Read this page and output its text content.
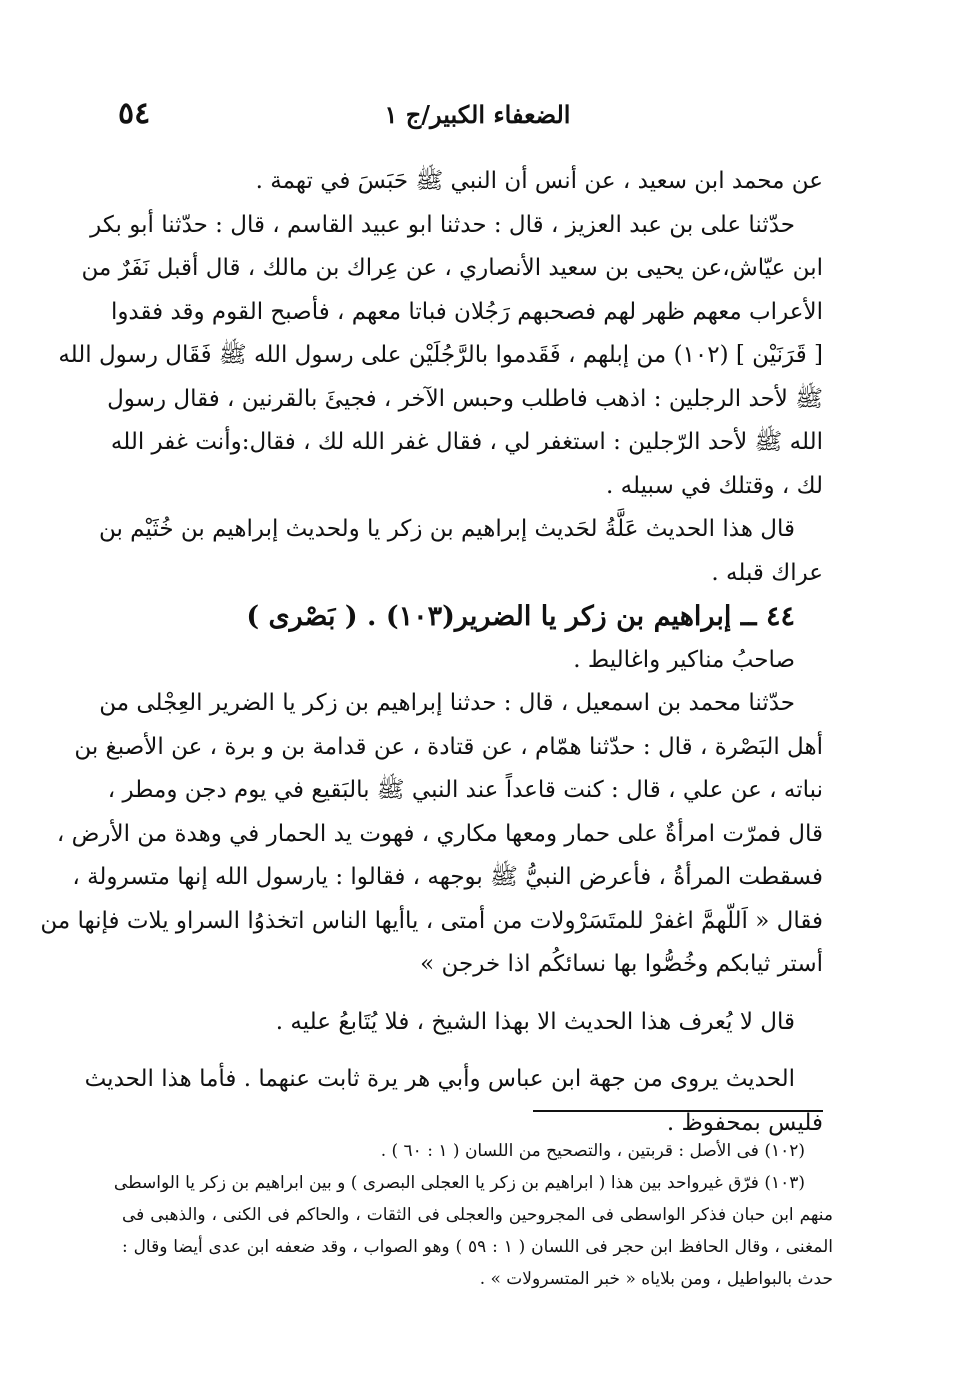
٥٤	الضعفاء الكبير/ج ١
عن محمد ابن سعيد ، عن أنس أن النبي ﷺ حَبَسَ في تهمة .
حدّثنا على بن عبد العزيز ، قال : حدثنا ابو عبيد القاسم ، قال : حدّثنا أبو بكر
ابن عيّاش،عن يحيى بن سعيد الأنصاري ، عن عِراك بن مالك ، قال أقبل نَفَرٌ من
الأعراب معهم ظهر لهم فصحبهم رَجُلان فباتا معهم ، فأصبح القوم وقد فقدوا
[ قَرَنَيْن ] (١٠٢) من إبلهم ، فَقَدموا بالرَّجُلَيْن على رسول الله ﷺ فَقَال رسول الله
ﷺ لأحد الرجلين : اذهب فاطلب وحبس الآخر ، فجيئَ بالقرنين ، فقال رسول
الله ﷺ لأحد الرّجلين : استغفر لي ، فقال غفر الله لك ، فقال:وأنت غفر الله
لك ، وقتلك في سبيله .
قال هذا الحديث عَلَّةُ لحَديث إبراهيم بن زكر يا ولحديث إبراهيم بن خُثَيْم بن
عراك قبله .
٤٤ ــ إبراهيم بن زكر يا الضرير(١٠٣) . ( بَصْرى )
صاحبُ مناكير واغاليط .
حدّثنا محمد بن اسمعيل ، قال : حدثنا إبراهيم بن زكر يا الضرير العِجْلى من
أهل البَصْرة ، قال : حدّثنا همّام ، عن قتادة ، عن قدامة بن و برة ، عن الأصبغ بن
نباته ، عن علي ، قال : كنت قاعداً عند النبي ﷺ بالبَقيع في يوم دجن ومطر ،
قال فمرّت امرأةٌ على حمار ومعها مكاري ، فهوت يد الحمار في وهدة من الأرض ،
فسقطت المرأةُ ، فأعرض النبيُّ ﷺ بوجهه ، فقالوا : يارسول الله إنها متسرولة ،
فقال « اَللّهمَّ اغفرْ للمتَسَرْولات من أمتى ، ياأيها الناس اتخذوُا السراو يلات فإنها من
أستر ثيابكم وخُصُّوا بها نسائكُم اذا خرجن »
قال لا يُعرف هذا الحديث الا بهذا الشيخ ، فلا يُتَابعُ عليه .
الحديث يروى من جهة ابن عباس وأبي هر يرة ثابت عنهما . فأما هذا الحديث
فليس بمحفوظ .
(١٠٢) فى الأصل : قربتين ، والتصحيح من اللسان ( ١ : ٦٠ ) .
(١٠٣) فرّق غيرواحد بين هذا ( ابراهيم بن زكر يا العجلى البصرى ) و بين ابراهيم بن زكر يا الواسطى
منهم ابن حبان فذكر الواسطى فى المجروحين والعجلى فى الثقات ، والحاكم فى الكنى ، والذهبى فى
المغنى ، وقال الحافظ ابن حجر فى اللسان ( ١ : ٥٩ ) وهو الصواب ، وقد ضعفه ابن عدى أيضا وقال :
حدث بالبواطيل ، ومن بلاياه « خبر المتسرولات » .
